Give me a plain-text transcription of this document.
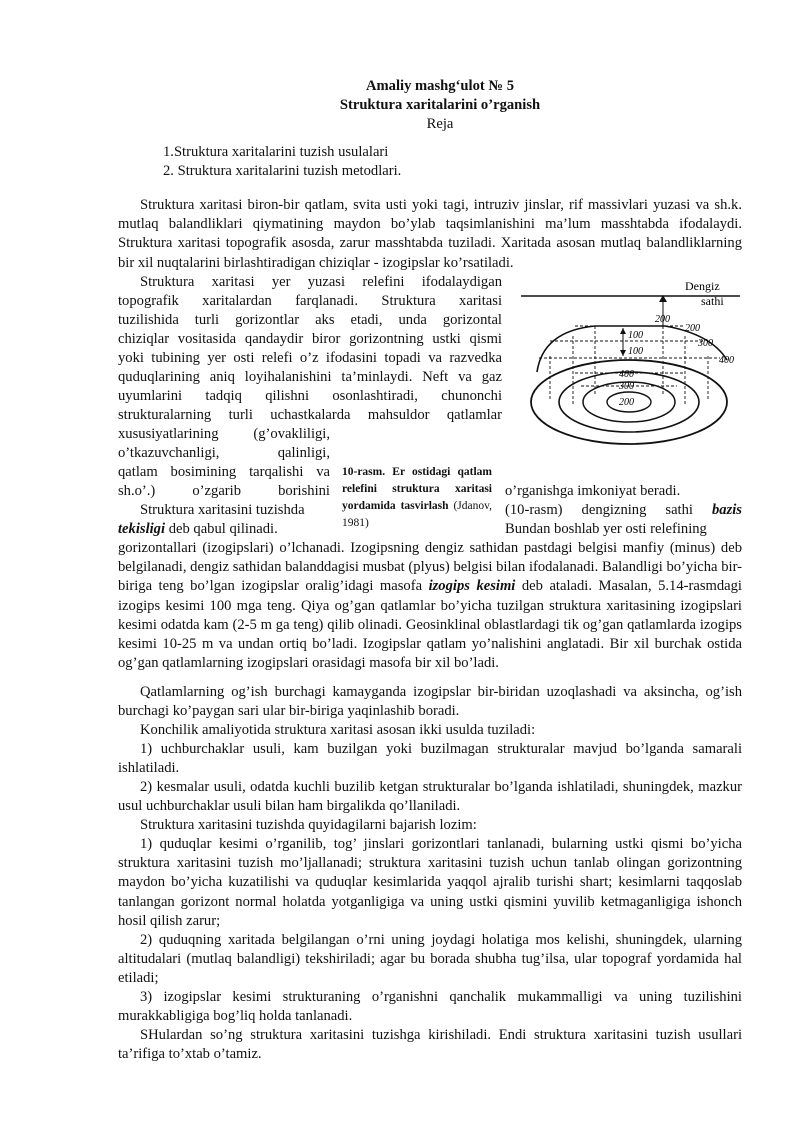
Amaliy mashg‘ulot № 5
Struktura xaritalarini o’rganish
Reja
1.Struktura xaritalarini tuzish usulalari
2. Struktura xaritalarini tuzish metodlari.
Struktura xaritasi biron-bir qatlam, svita usti yoki tagi, intruziv jinslar, rif massivlari yuzasi va sh.k. mutlaq balandliklari qiymatining maydon bo’ylab taqsimlanishini ma’lum masshtabda ifodalaydi. Struktura xaritasi topografik asosda, zarur masshtabda tuziladi. Xaritada asosan mutlaq balandliklarning bir xil nuqtalarini birlashtiradigan chiziqlar - izogipslar ko’rsatiladi.
Struktura xaritasi yer yuzasi relefini ifodalaydigan
topografik xaritalardan farqlanadi. Struktura xaritasi
tuzilishida turli gorizontlar aks etadi, unda gorizontal
chiziqlar vositasida qandaydir biror gorizontning ustki qismi
yoki tubining yer osti relefi o’z ifodasini topadi va razvedka
quduqlarining aniq loyihalanishini ta’minlaydi. Neft va gaz
uyumlarini tadqiq qilishni osonlashtiradi, chunonchi
strukturalarning turli uchastkalarda mahsuldor qatlamlar
xususiyatlarining (g’ovakliligi,
o’tkazuvchanligi, qalinligi,
qatlam bosimining tarqalishi va
sh.o’.) o’zgarib borishini
Struktura xaritasini tuzishda
tekisligi deb qabul qilinadi.
10-rasm. Er ostidagi qatlam relefini struktura xaritasi yordamida tasvirlash (Jdanov, 1981)
o’rganishga imkoniyat beradi.
(10-rasm) dengizning sathi bazis
Bundan boshlab yer osti relefining
Dengiz
sathi
200
200
300
400
100
100
400
300
200
gorizontallari (izogipslari) o’lchanadi. Izogipsning dengiz sathidan pastdagi belgisi manfiy (minus) deb belgilanadi, dengiz sathidan balanddagisi musbat (plyus) belgisi bilan ifodalanadi. Balandligi bo’yicha bir-biriga teng bo’lgan izogipslar oralig’idagi masofa izogips kesimi deb ataladi. Masalan, 5.14-rasmdagi izogips kesimi 100 mga teng. Qiya og’gan qatlamlar bo’yicha tuzilgan struktura xaritasining izogipslari kesimi odatda kam (2-5 m ga teng) qilib olinadi. Geosinklinal oblastlardagi tik og’gan qatlamlarda izogips kesimi 10-25 m va undan ortiq bo’ladi. Izogipslar qatlam yo’nalishini anglatadi. Bir xil burchak ostida og’gan qatlamlarning izogipslari orasidagi masofa bir xil bo’ladi.
Qatlamlarning og’ish burchagi kamayganda izogipslar bir-biridan uzoqlashadi va aksincha, og’ish burchagi ko’paygan sari ular bir-biriga yaqinlashib boradi.
Konchilik amaliyotida struktura xaritasi asosan ikki usulda tuziladi:
1) uchburchaklar usuli, kam buzilgan yoki buzilmagan strukturalar mavjud bo’lganda samarali ishlatiladi.
2) kesmalar usuli, odatda kuchli buzilib ketgan strukturalar bo’lganda ishlatiladi, shuningdek, mazkur usul uchburchaklar usuli bilan ham birgalikda qo’llaniladi.
Struktura xaritasini tuzishda quyidagilarni bajarish lozim:
1) quduqlar kesimi o’rganilib, tog’ jinslari gorizontlari tanlanadi, bularning ustki qismi bo’yicha struktura xaritasini tuzish mo’ljallanadi; struktura xaritasini tuzish uchun tanlab olingan gorizontning maydon bo’yicha kuzatilishi va quduqlar kesimlarida yaqqol ajralib turishi shart; kesimlarni taqqoslab tanlangan gorizont normal holatda yotganligiga va uning ustki qismini yuvilib ketmaganligiga ishonch hosil qilish zarur;
2) quduqning xaritada belgilangan o’rni uning joydagi holatiga mos kelishi, shuningdek, ularning altitudalari (mutlaq balandligi) tekshiriladi; agar bu borada shubha tug’ilsa, ular topograf yordamida hal etiladi;
3) izogipslar kesimi strukturaning o’rganishni qanchalik mukammalligi va uning tuzilishini murakkabligiga bog’liq holda tanlanadi.
SHulardan so’ng struktura xaritasini tuzishga kirishiladi. Endi struktura xaritasini tuzish usullari ta’rifiga to’xtab o’tamiz.
